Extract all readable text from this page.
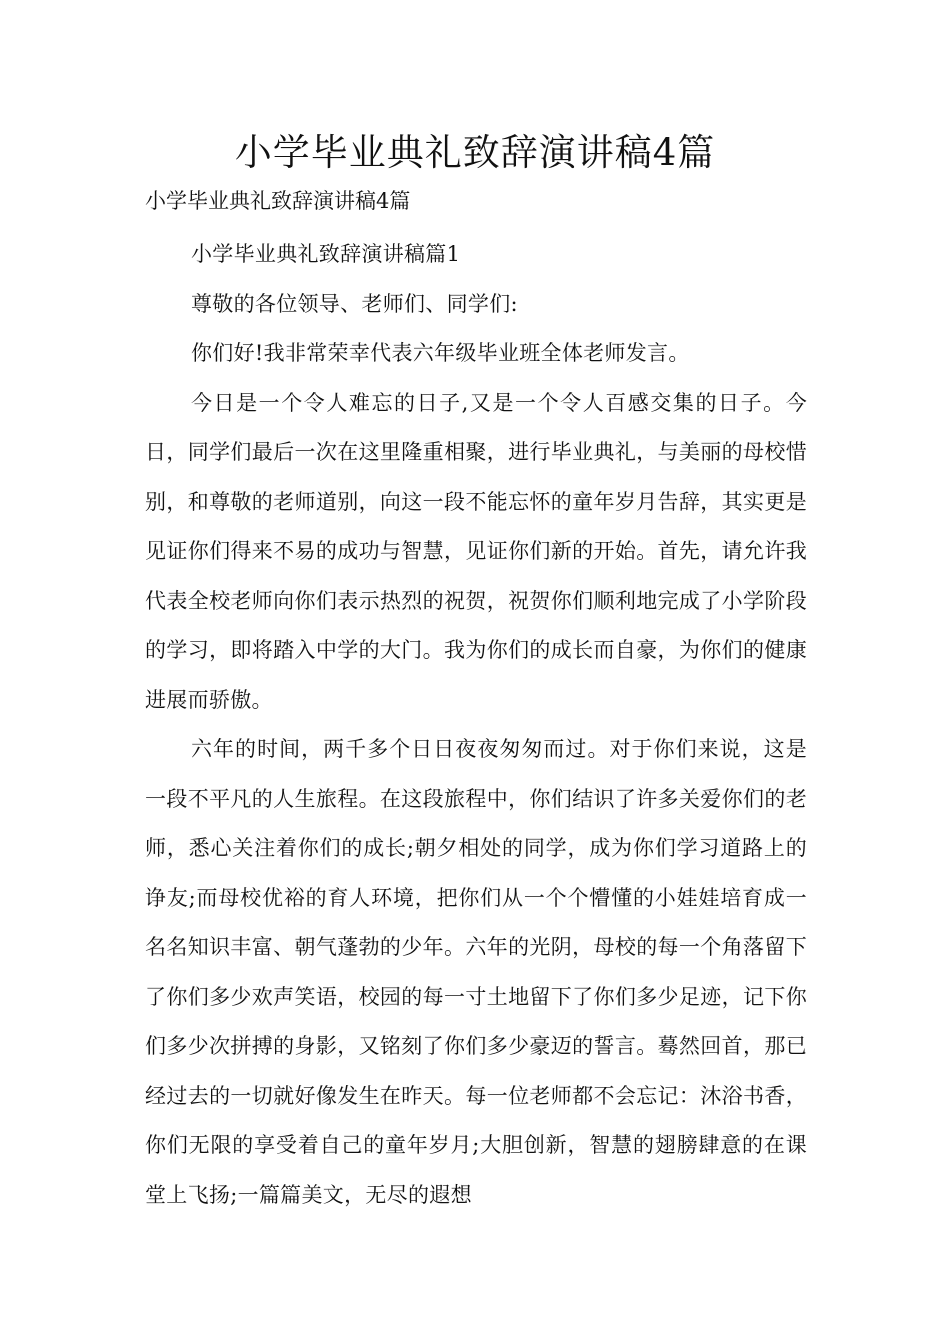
小学毕业典礼致辞演讲稿4篇
小学毕业典礼致辞演讲稿4篇

小学毕业典礼致辞演讲稿篇1

尊敬的各位领导、老师们、同学们:

你们好!我非常荣幸代表六年级毕业班全体老师发言。

今日是一个令人难忘的日子,又是一个令人百感交集的日子。今日，同学们最后一次在这里隆重相聚，进行毕业典礼，与美丽的母校惜别，和尊敬的老师道别，向这一段不能忘怀的童年岁月告辞，其实更是见证你们得来不易的成功与智慧，见证你们新的开始。首先，请允许我代表全校老师向你们表示热烈的祝贺，祝贺你们顺利地完成了小学阶段的学习，即将踏入中学的大门。我为你们的成长而自豪，为你们的健康进展而骄傲。

六年的时间，两千多个日日夜夜匆匆而过。对于你们来说，这是一段不平凡的人生旅程。在这段旅程中，你们结识了许多关爱你们的老师，悉心关注着你们的成长;朝夕相处的同学，成为你们学习道路上的诤友;而母校优裕的育人环境，把你们从一个个懵懂的小娃娃培育成一名名知识丰富、朝气蓬勃的少年。六年的光阴，母校的每一个角落留下了你们多少欢声笑语，校园的每一寸土地留下了你们多少足迹，记下你们多少次拼搏的身影，又铭刻了你们多少豪迈的誓言。蓦然回首，那已经过去的一切就好像发生在昨天。每一位老师都不会忘记：沐浴书香，你们无限的享受着自己的童年岁月;大胆创新，智慧的翅膀肆意的在课堂上飞扬;一篇篇美文，无尽的遐想
